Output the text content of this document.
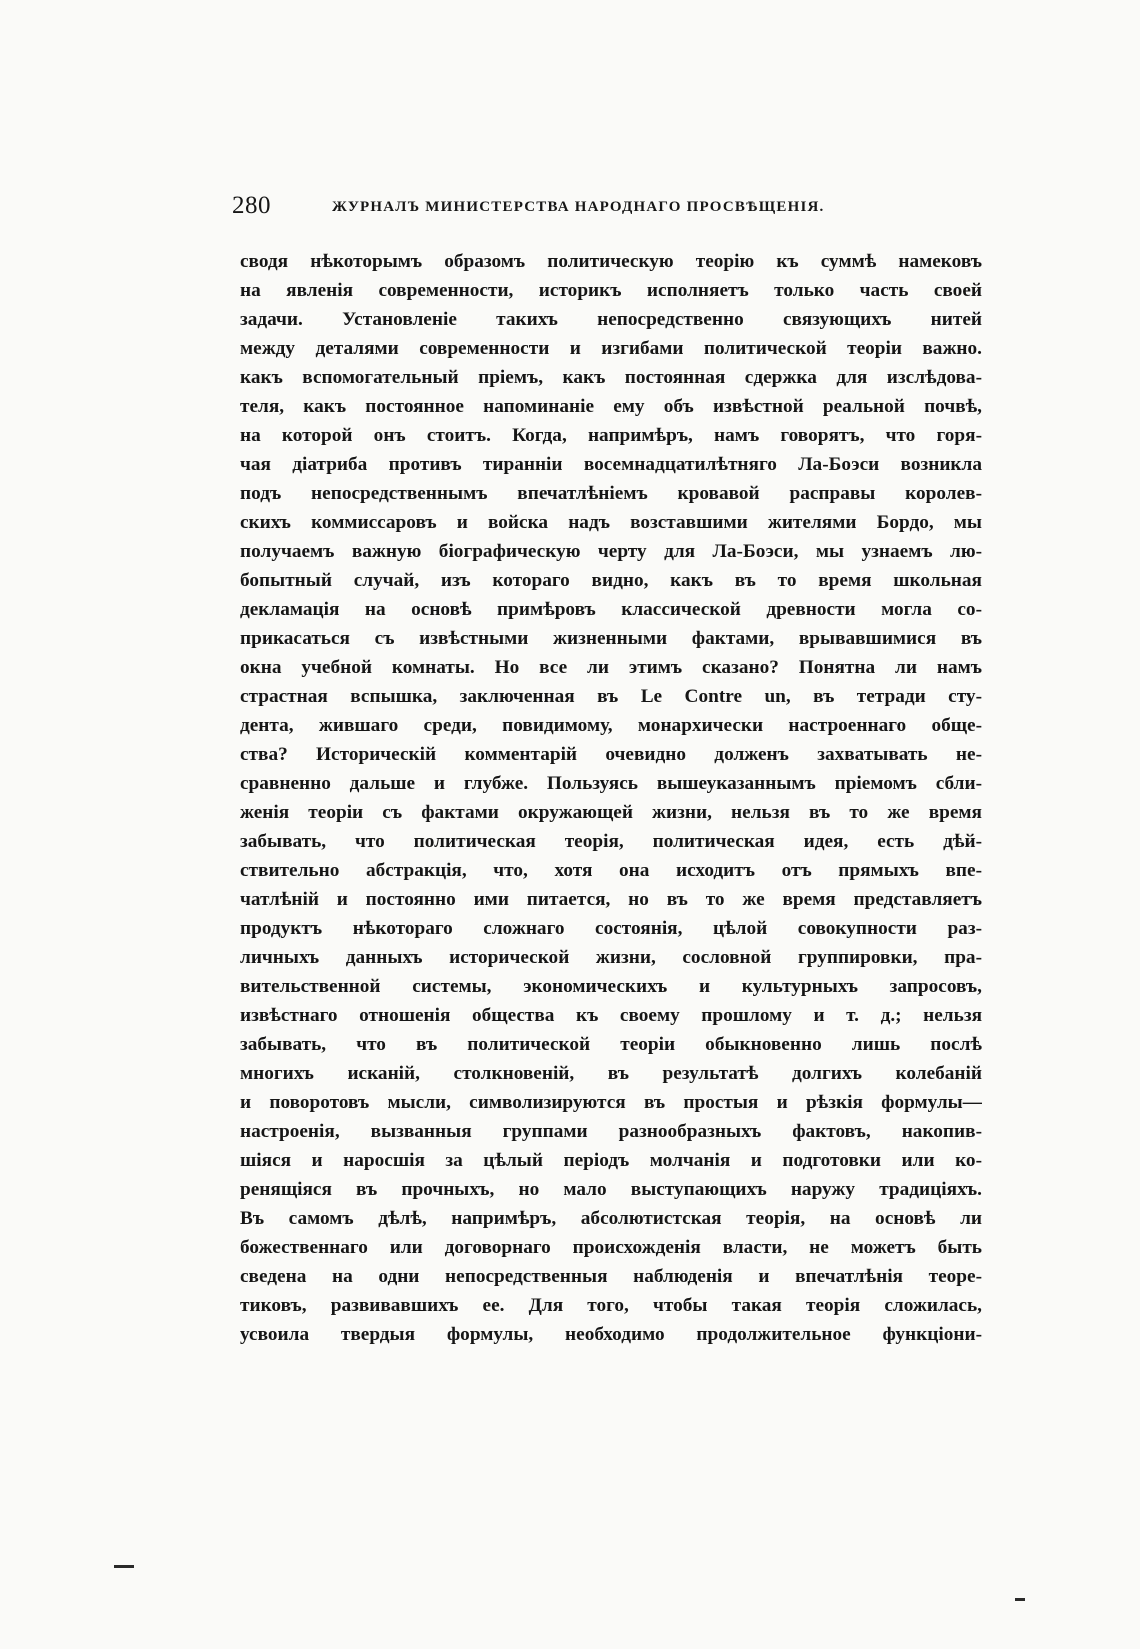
280	ЖУРНАЛЪ МИНИСТЕРСТВА НАРОДНАГО ПРОСВѢЩЕНІЯ.
сводя нѣкоторымъ образомъ политическую теорію къ суммѣ намековъ
на явленія современности, историкъ исполняетъ только часть своей
задачи. Установленіе такихъ непосредственно связующихъ нитей
между деталями современности и изгибами политической теоріи важно.
какъ вспомогательный пріемъ, какъ постоянная сдержка для изслѣдова-
теля, какъ постоянное напоминаніе ему объ извѣстной реальной почвѣ,
на которой онъ стоитъ. Когда, напримѣръ, намъ говорятъ, что горя-
чая діатриба противъ тиранніи восемнадцатилѣтняго Ла-Боэси возникла
подъ непосредственнымъ впечатлѣніемъ кровавой расправы королев-
скихъ коммиссаровъ и войска надъ возставшими жителями Бордо, мы
получаемъ важную біографическую черту для Ла-Боэси, мы узнаемъ лю-
бопытный случай, изъ котораго видно, какъ въ то время школьная
декламація на основѣ примѣровъ классической древности могла со-
прикасаться съ извѣстными жизненными фактами, врывавшимися въ
окна учебной комнаты. Но все ли этимъ сказано? Понятна ли намъ
страстная вспышка, заключенная въ Le Contre un, въ тетради сту-
дента, жившаго среди, повидимому, монархически настроеннаго обще-
ства? Историческій комментарій очевидно долженъ захватывать не-
сравненно дальше и глубже. Пользуясь вышеуказаннымъ пріемомъ сбли-
женія теоріи съ фактами окружающей жизни, нельзя въ то же время
забывать, что политическая теорія, политическая идея, есть дѣй-
ствительно абстракція, что, хотя она исходитъ отъ прямыхъ впе-
чатлѣній и постоянно ими питается, но въ то же время представляетъ
продуктъ нѣкотораго сложнаго состоянія, цѣлой совокупности раз-
личныхъ данныхъ исторической жизни, сословной группировки, пра-
вительственной системы, экономическихъ и культурныхъ запросовъ,
извѣстнаго отношенія общества къ своему прошлому и т. д.; нельзя
забывать, что въ политической теоріи обыкновенно лишь послѣ
многихъ исканій, столкновеній, въ результатѣ долгихъ колебаній
и поворотовъ мысли, символизируются въ простыя и рѣзкія формулы—
настроенія, вызванныя группами разнообразныхъ фактовъ, накопив-
шіяся и наросшія за цѣлый періодъ молчанія и подготовки или ко-
ренящіяся въ прочныхъ, но мало выступающихъ наружу традиціяхъ.
Въ самомъ дѣлѣ, напримѣръ, абсолютистская теорія, на основѣ ли
божественнаго или договорнаго происхожденія власти, не можетъ быть
сведена на одни непосредственныя наблюденія и впечатлѣнія теоре-
тиковъ, развивавшихъ ее. Для того, чтобы такая теорія сложилась,
усвоила твердыя формулы, необходимо продолжительное функціони-
